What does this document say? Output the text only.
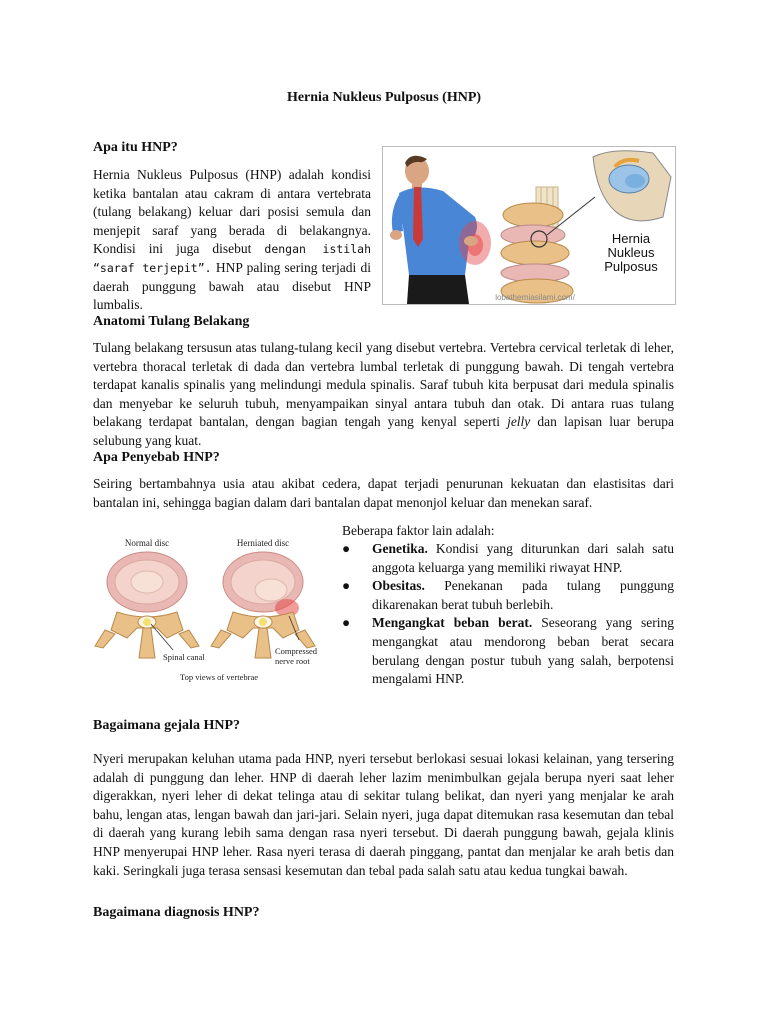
Hernia Nukleus Pulposus (HNP)
Apa itu HNP?
Hernia Nukleus Pulposus (HNP) adalah kondisi ketika bantalan atau cakram di antara vertebrata (tulang belakang) keluar dari posisi semula dan menjepit saraf yang berada di belakangnya. Kondisi ini juga disebut dengan istilah “saraf terjepit”. HNP paling sering terjadi di daerah punggung bawah atau disebut HNP lumbalis.
Hernia
Nukleus
Pulposus
lobatherniasilami.com/
Anatomi Tulang Belakang
Tulang belakang tersusun atas tulang-tulang kecil yang disebut vertebra. Vertebra cervical terletak di leher, vertebra thoracal terletak di dada dan vertebra lumbal terletak di punggung bawah. Di tengah vertebra terdapat kanalis spinalis yang melindungi medula spinalis. Saraf tubuh kita berpusat dari medula spinalis dan menyebar ke seluruh tubuh, menyampaikan sinyal antara tubuh dan otak. Di antara ruas tulang belakang terdapat bantalan, dengan bagian tengah yang kenyal seperti jelly dan lapisan luar berupa selubung yang kuat.
Apa Penyebab HNP?
Seiring bertambahnya usia atau akibat cedera, dapat terjadi penurunan kekuatan dan elastisitas dari bantalan ini, sehingga bagian dalam dari bantalan dapat menonjol keluar dan menekan saraf.
Normal disc	Herniated disc
Spinal canal
Compressed
nerve root
Top views of vertebrae
Beberapa faktor lain adalah:
● Genetika. Kondisi yang diturunkan dari salah satu anggota keluarga yang memiliki riwayat HNP.
● Obesitas. Penekanan pada tulang punggung dikarenakan berat tubuh berlebih.
● Mengangkat beban berat. Seseorang yang sering mengangkat atau mendorong beban berat secara berulang dengan postur tubuh yang salah, berpotensi mengalami HNP.
Bagaimana gejala HNP?
Nyeri merupakan keluhan utama pada HNP, nyeri tersebut berlokasi sesuai lokasi kelainan, yang tersering adalah di punggung dan leher. HNP di daerah leher lazim menimbulkan gejala berupa nyeri saat leher digerakkan, nyeri leher di dekat telinga atau di sekitar tulang belikat, dan nyeri yang menjalar ke arah bahu, lengan atas, lengan bawah dan jari-jari. Selain nyeri, juga dapat ditemukan rasa kesemutan dan tebal di daerah yang kurang lebih sama dengan rasa nyeri tersebut. Di daerah punggung bawah, gejala klinis HNP menyerupai HNP leher. Rasa nyeri terasa di daerah pinggang, pantat dan menjalar ke arah betis dan kaki. Seringkali juga terasa sensasi kesemutan dan tebal pada salah satu atau kedua tungkai bawah.
Bagaimana diagnosis HNP?
